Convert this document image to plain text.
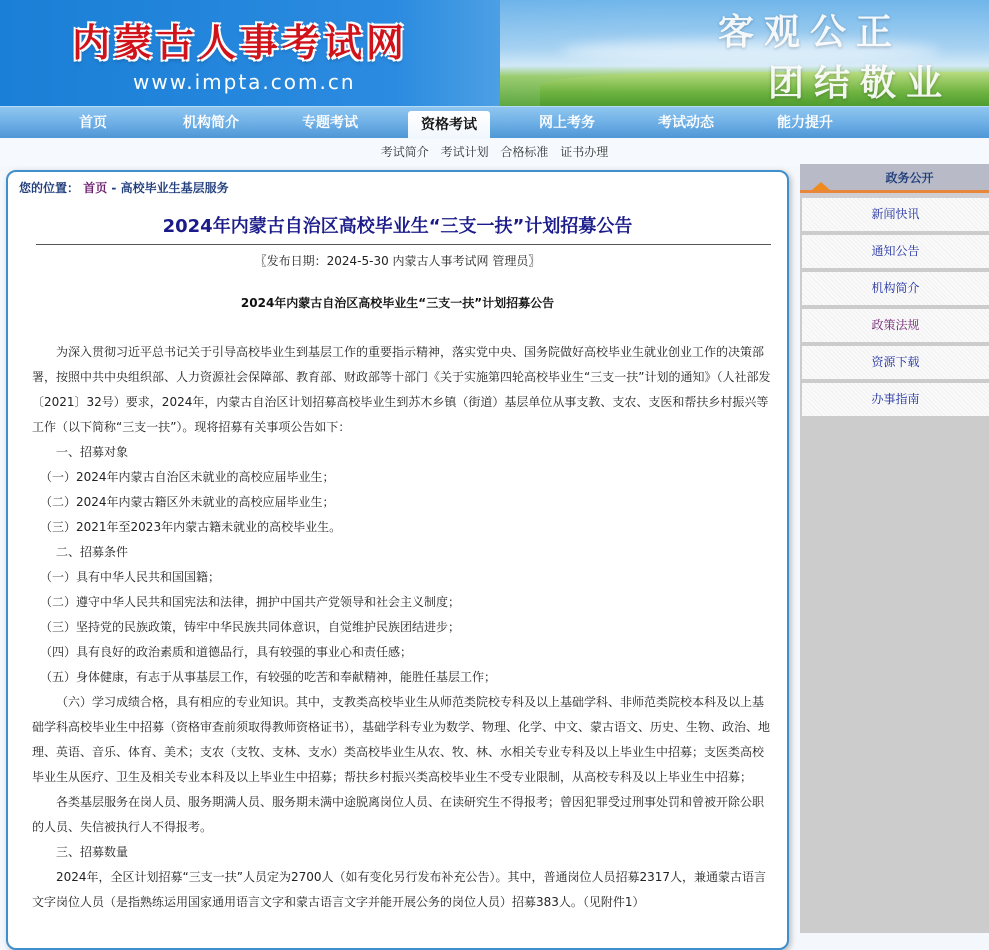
内蒙古人事考试网
www.impta.com.cn
客观公正
团结敬业
首页	机构简介	专题考试	资格考试	网上考务	考试动态	能力提升
考试简介 考试计划 合格标准 证书办理
您的位置： 首页 - 高校毕业生基层服务
2024年内蒙古自治区高校毕业生“三支一扶”计划招募公告
〖发布日期：2024-5-30 内蒙古人事考试网 管理员〗
2024年内蒙古自治区高校毕业生“三支一扶”计划招募公告

为深入贯彻习近平总书记关于引导高校毕业生到基层工作的重要指示精神，落实党中央、国务院做好高校毕业生就业创业工作的决策部署，按照中共中央组织部、人力资源社会保障部、教育部、财政部等十部门《关于实施第四轮高校毕业生“三支一扶”计划的通知》（人社部发〔2021〕32号）要求，2024年，内蒙古自治区计划招募高校毕业生到苏木乡镇（街道）基层单位从事支教、支农、支医和帮扶乡村振兴等工作（以下简称“三支一扶”）。现将招募有关事项公告如下：

一、招募对象

（一）2024年内蒙古自治区未就业的高校应届毕业生；

（二）2024年内蒙古籍区外未就业的高校应届毕业生；

（三）2021年至2023年内蒙古籍未就业的高校毕业生。

二、招募条件

（一）具有中华人民共和国国籍；

（二）遵守中华人民共和国宪法和法律，拥护中国共产党领导和社会主义制度；

（三）坚持党的民族政策，铸牢中华民族共同体意识，自觉维护民族团结进步；

（四）具有良好的政治素质和道德品行，具有较强的事业心和责任感；

（五）身体健康，有志于从事基层工作，有较强的吃苦和奉献精神，能胜任基层工作；

（六）学习成绩合格，具有相应的专业知识。其中，支教类高校毕业生从师范类院校专科及以上基础学科、非师范类院校本科及以上基础学科高校毕业生中招募（资格审查前须取得教师资格证书），基础学科专业为数学、物理、化学、中文、蒙古语文、历史、生物、政治、地理、英语、音乐、体育、美术；支农（支牧、支林、支水）类高校毕业生从农、牧、林、水相关专业专科及以上毕业生中招募；支医类高校毕业生从医疗、卫生及相关专业本科及以上毕业生中招募；帮扶乡村振兴类高校毕业生不受专业限制，从高校专科及以上毕业生中招募；

各类基层服务在岗人员、服务期满人员、服务期未满中途脱离岗位人员、在读研究生不得报考；曾因犯罪受过刑事处罚和曾被开除公职的人员、失信被执行人不得报考。

三、招募数量

2024年，全区计划招募“三支一扶”人员定为2700人（如有变化另行发布补充公告）。其中，普通岗位人员招募2317人，兼通蒙古语言文字岗位人员（是指熟练运用国家通用语言文字和蒙古语言文字并能开展公务的岗位人员）招募383人。（见附件1）

政务公开
新闻快讯
通知公告
机构简介
政策法规
资源下载
办事指南
